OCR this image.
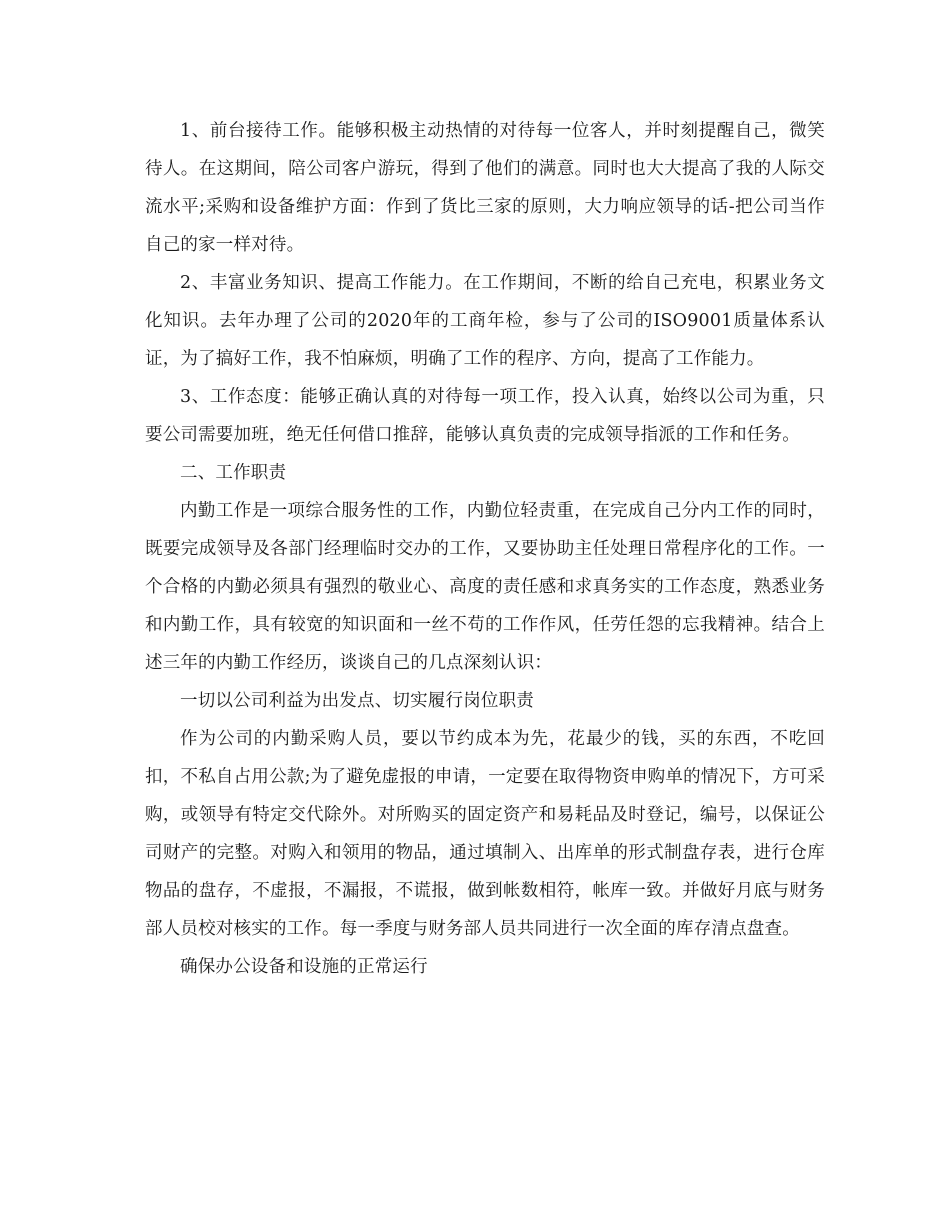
1、前台接待工作。能够积极主动热情的对待每一位客人，并时刻提醒自己，微笑待人。在这期间，陪公司客户游玩，得到了他们的满意。同时也大大提高了我的人际交流水平;采购和设备维护方面：作到了货比三家的原则，大力响应领导的话-把公司当作自己的家一样对待。

2、丰富业务知识、提高工作能力。在工作期间，不断的给自己充电，积累业务文化知识。去年办理了公司的2020年的工商年检，参与了公司的ISO9001质量体系认证，为了搞好工作，我不怕麻烦，明确了工作的程序、方向，提高了工作能力。

3、工作态度：能够正确认真的对待每一项工作，投入认真，始终以公司为重，只要公司需要加班，绝无任何借口推辞，能够认真负责的完成领导指派的工作和任务。

二、工作职责

内勤工作是一项综合服务性的工作，内勤位轻责重，在完成自己分内工作的同时，既要完成领导及各部门经理临时交办的工作，又要协助主任处理日常程序化的工作。一个合格的内勤必须具有强烈的敬业心、高度的责任感和求真务实的工作态度，熟悉业务和内勤工作，具有较宽的知识面和一丝不苟的工作作风，任劳任怨的忘我精神。结合上述三年的内勤工作经历，谈谈自己的几点深刻认识：

一切以公司利益为出发点、切实履行岗位职责

作为公司的内勤采购人员，要以节约成本为先，花最少的钱，买的东西，不吃回扣，不私自占用公款;为了避免虚报的申请，一定要在取得物资申购单的情况下，方可采购，或领导有特定交代除外。对所购买的固定资产和易耗品及时登记，编号，以保证公司财产的完整。对购入和领用的物品，通过填制入、出库单的形式制盘存表，进行仓库物品的盘存，不虚报，不漏报，不谎报，做到帐数相符，帐库一致。并做好月底与财务部人员校对核实的工作。每一季度与财务部人员共同进行一次全面的库存清点盘查。

确保办公设备和设施的正常运行
